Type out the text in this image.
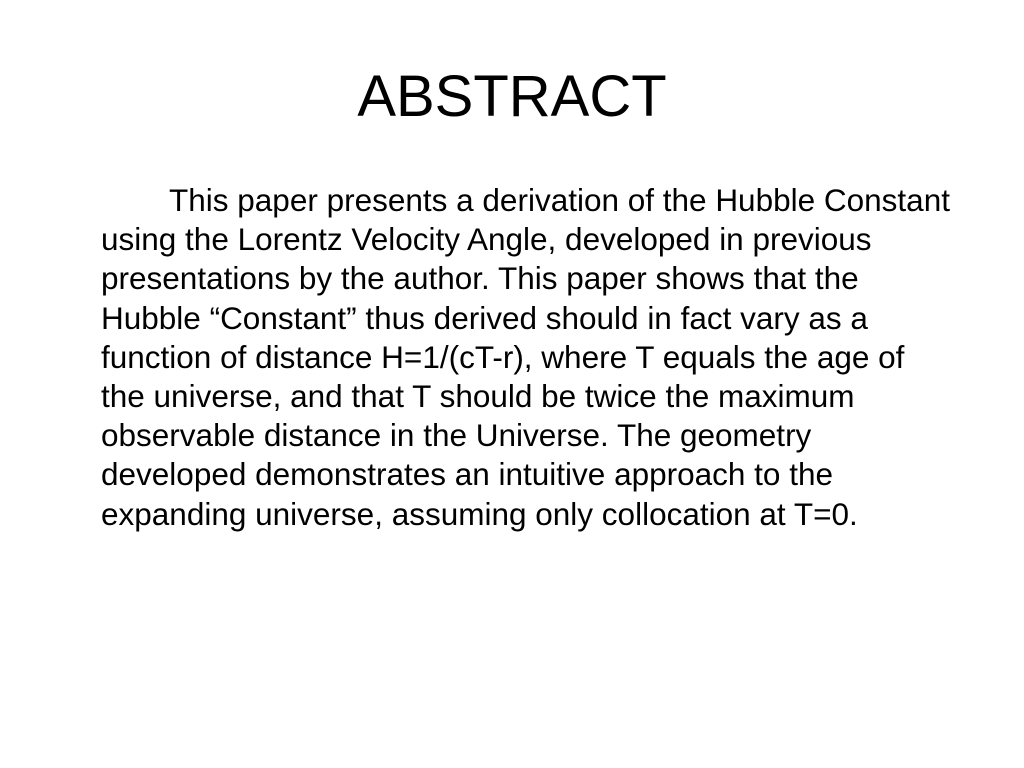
ABSTRACT

This paper presents a derivation of the Hubble Constant using the Lorentz Velocity Angle, developed in previous presentations by the author. This paper shows that the Hubble “Constant” thus derived should in fact vary as a function of distance H=1/(cT-r), where T equals the age of the universe, and that T should be twice the maximum observable distance in the Universe. The geometry developed demonstrates an intuitive approach to the expanding universe, assuming only collocation at T=0.
